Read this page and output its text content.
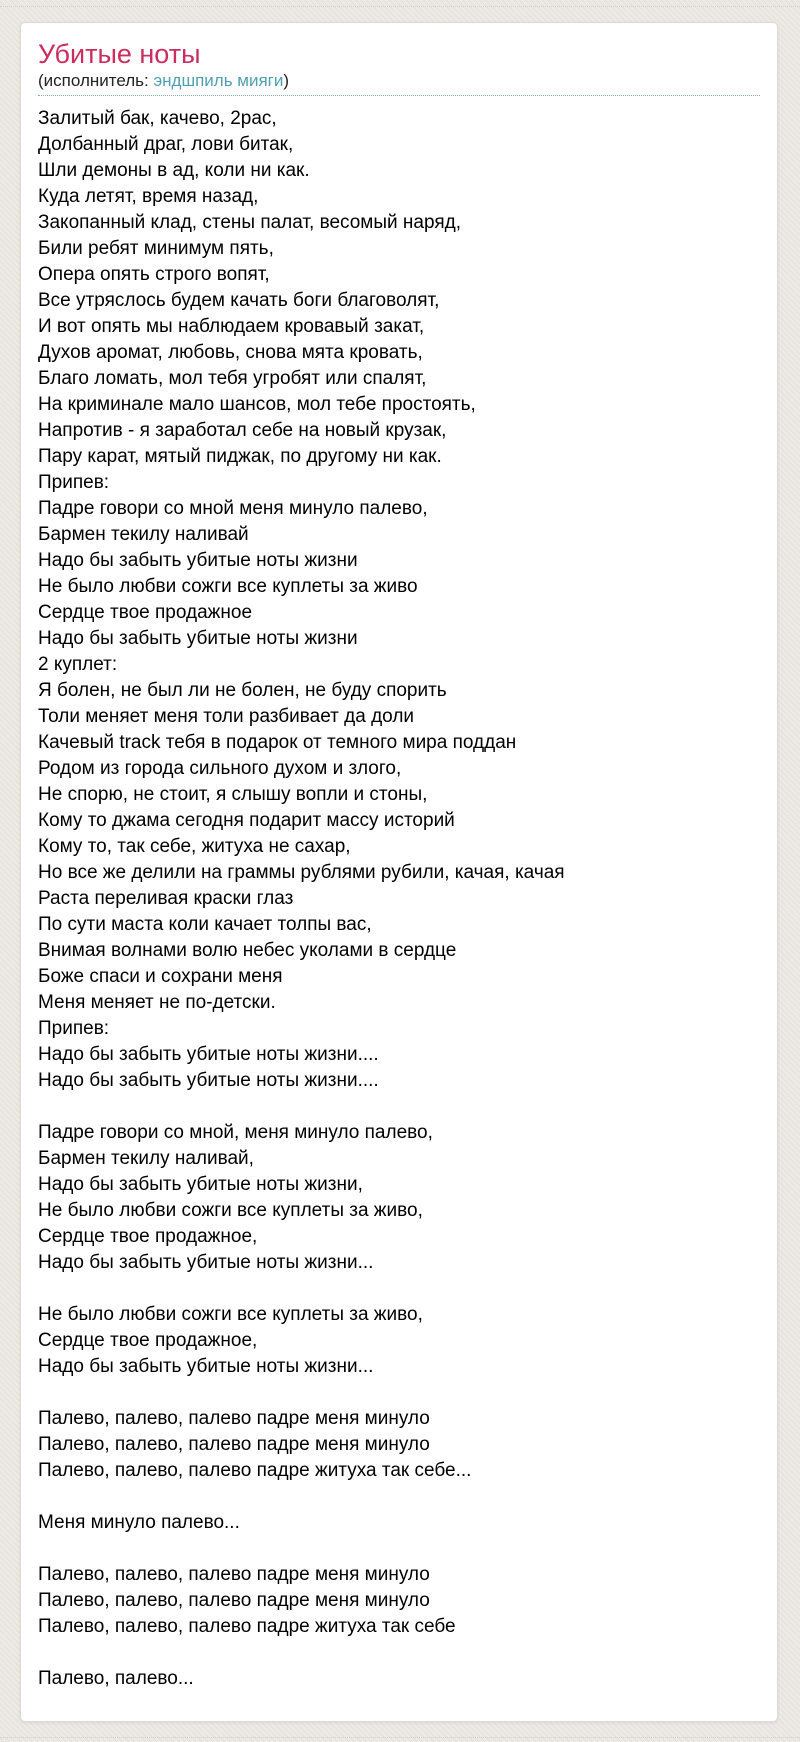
Убитые ноты
(исполнитель: эндшпиль мияги)
Залитый бак, качево, 2pac,
Долбанный драг, лови битак,
Шли демоны в ад, коли ни как.
Куда летят, время назад,
Закопанный клад, стены палат, весомый наряд,
Били ребят минимум пять,
Опера опять строго вопят,
Все утряслось будем качать боги благоволят,
И вот опять мы наблюдаем кровавый закат,
Духов аромат, любовь, снова мята кровать,
Благо ломать, мол тебя угробят или спалят,
На криминале мало шансов, мол тебе простоять,
Напротив - я заработал себе на новый крузак,
Пару карат, мятый пиджак, по другому ни как.
Припев:
Падре говори со мной меня минуло палево,
Бармен текилу наливай
Надо бы забыть убитые ноты жизни
Не было любви сожги все куплеты за живо
Сердце твое продажное
Надо бы забыть убитые ноты жизни
2 куплет:
Я болен, не был ли не болен, не буду спорить
Толи меняет меня толи разбивает да доли
Качевый track тебя в подарок от темного мира поддан
Родом из города сильного духом и злого,
Не спорю, не стоит, я слышу вопли и стоны,
Кому то джама сегодня подарит массу историй
Кому то, так себе, житуха не сахар,
Но все же делили на граммы рублями рубили, качая, качая
Раста переливая краски глаз
По сути маста коли качает толпы вас,
Внимая волнами волю небес уколами в сердце
Боже спаси и сохрани меня
Меня меняет не по-детски.
Припев:
Надо бы забыть убитые ноты жизни....
Надо бы забыть убитые ноты жизни....
Падре говори со мной, меня минуло палево,
Бармен текилу наливай,
Надо бы забыть убитые ноты жизни,
Не было любви сожги все куплеты за живо,
Сердце твое продажное,
Надо бы забыть убитые ноты жизни...
Не было любви сожги все куплеты за живо,
Сердце твое продажное,
Надо бы забыть убитые ноты жизни...
Палево, палево, палево падре меня минуло
Палево, палево, палево падре меня минуло
Палево, палево, палево падре житуха так себе...
Меня минуло палево...
Палево, палево, палево падре меня минуло
Палево, палево, палево падре меня минуло
Палево, палево, палево падре житуха так себе
Палево, палево...
